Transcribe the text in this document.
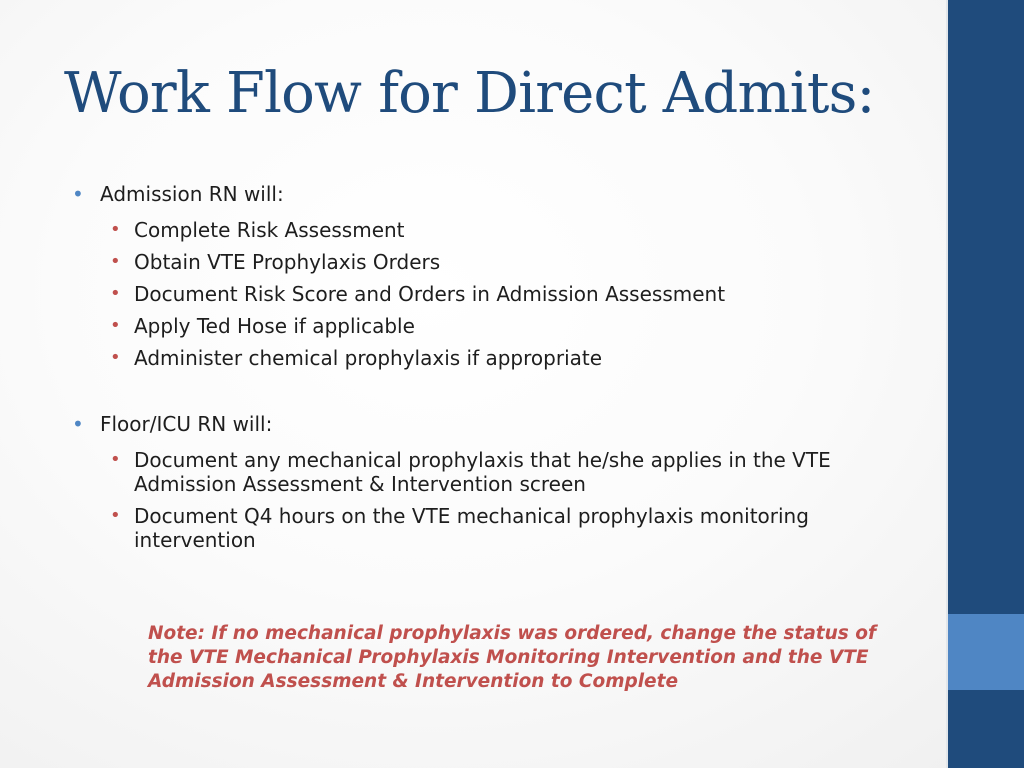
Work Flow for Direct Admits:
• Admission RN will:
• Complete Risk Assessment
• Obtain VTE Prophylaxis Orders
• Document Risk Score and Orders in Admission Assessment
• Apply Ted Hose if applicable
• Administer chemical prophylaxis if appropriate
• Floor/ICU RN will:
• Document any mechanical prophylaxis that he/she applies in the VTE Admission Assessment & Intervention screen
• Document Q4 hours on the VTE mechanical prophylaxis monitoring intervention
Note: If no mechanical prophylaxis was ordered, change the status of the VTE Mechanical Prophylaxis Monitoring Intervention and the VTE Admission Assessment & Intervention to Complete
